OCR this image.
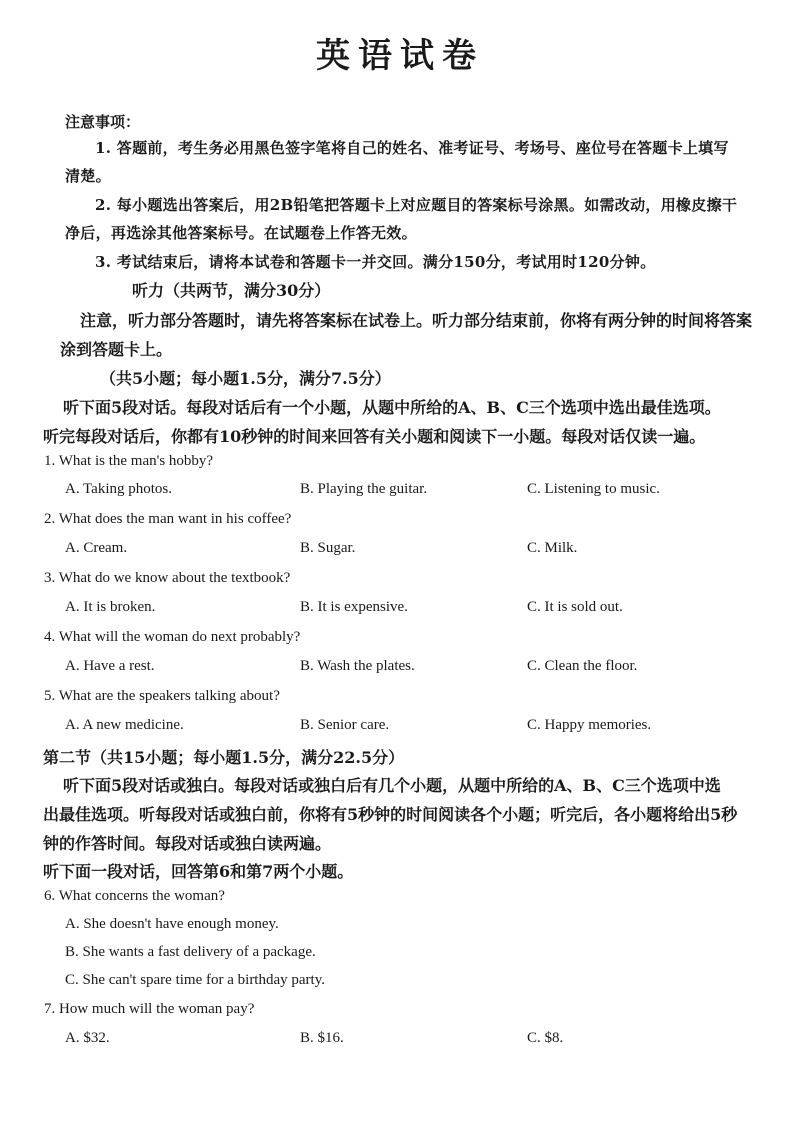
英语试卷
注意事项：
1. 答题前，考生务必用黑色签字笔将自己的姓名、准考证号、考场号、座位号在答题卡上填写
清楚。
2. 每小题选出答案后，用2B铅笔把答题卡上对应题目的答案标号涂黑。如需改动，用橡皮擦干
净后，再选涂其他答案标号。在试题卷上作答无效。
3. 考试结束后，请将本试卷和答题卡一并交回。满分150分，考试用时120分钟。
听力（共两节，满分30分）
注意，听力部分答题时，请先将答案标在试卷上。听力部分结束前，你将有两分钟的时间将答案
涂到答题卡上。
（共5小题；每小题1.5分，满分7.5分）
听下面5段对话。每段对话后有一个小题，从题中所给的A、B、C三个选项中选出最佳选项。
听完每段对话后，你都有10秒钟的时间来回答有关小题和阅读下一小题。每段对话仅读一遍。
1. What is the man's hobby?
A. Taking photos.	B. Playing the guitar.	C. Listening to music.
2. What does the man want in his coffee?
A. Cream.	B. Sugar.	C. Milk.
3. What do we know about the textbook?
A. It is broken.	B. It is expensive.	C. It is sold out.
4. What will the woman do next probably?
A. Have a rest.	B. Wash the plates.	C. Clean the floor.
5. What are the speakers talking about?
A. A new medicine.	B. Senior care.	C. Happy memories.
第二节（共15小题；每小题1.5分，满分22.5分）
听下面5段对话或独白。每段对话或独白后有几个小题，从题中所给的A、B、C三个选项中选
出最佳选项。听每段对话或独白前，你将有5秒钟的时间阅读各个小题；听完后，各小题将给出5秒
钟的作答时间。每段对话或独白读两遍。
听下面一段对话，回答第6和第7两个小题。
6. What concerns the woman?
A. She doesn't have enough money.
B. She wants a fast delivery of a package.
C. She can't spare time for a birthday party.
7. How much will the woman pay?
A. $32.	B. $16.	C. $8.
